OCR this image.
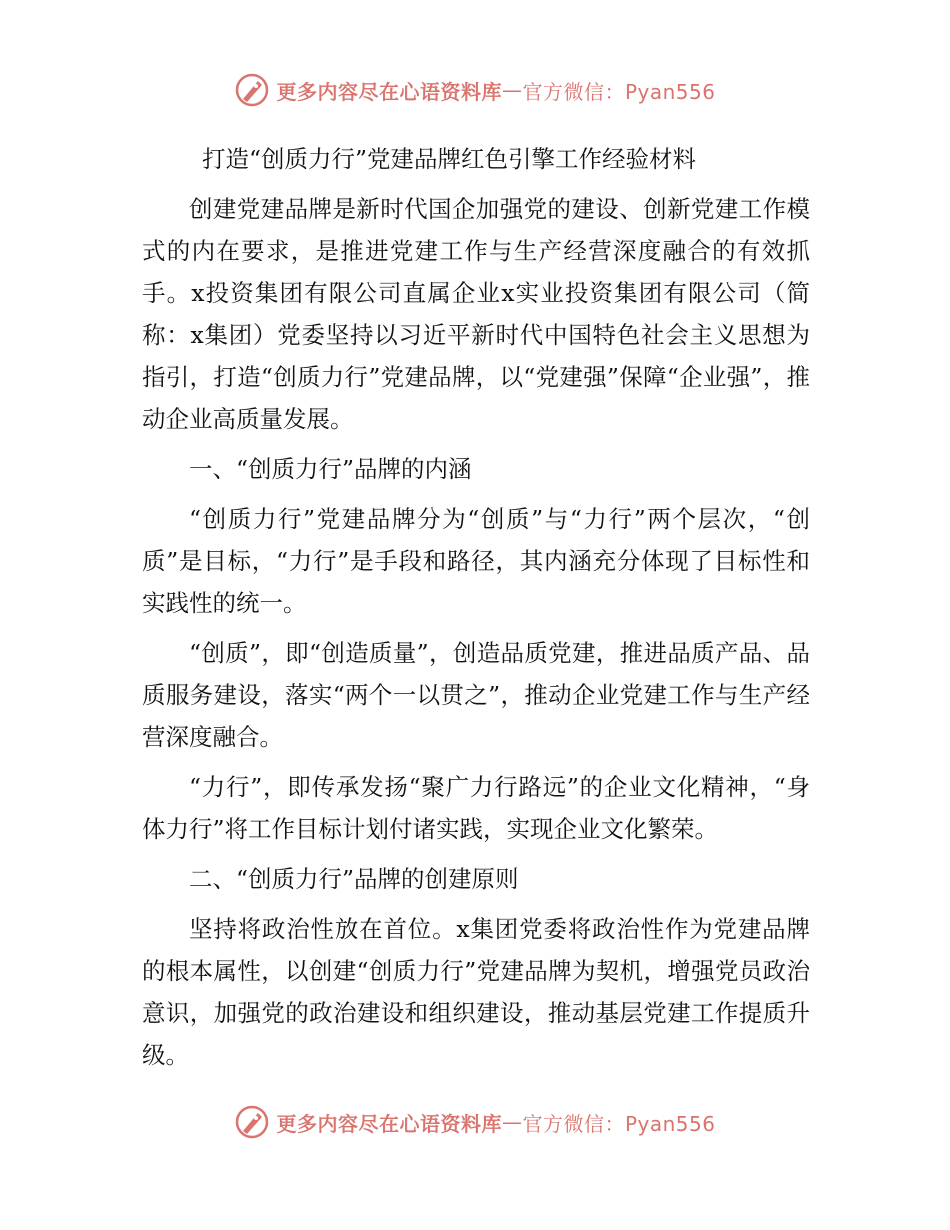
更多内容尽在心语资料库 — 官方微信：Pyan556
打造“创质力行”党建品牌红色引擎工作经验材料

创建党建品牌是新时代国企加强党的建设、创新党建工作模式的内在要求，是推进党建工作与生产经营深度融合的有效抓手。x投资集团有限公司直属企业x实业投资集团有限公司（简称：x集团）党委坚持以习近平新时代中国特色社会主义思想为指引，打造“创质力行”党建品牌，以“党建强”保障“企业强”，推动企业高质量发展。

一、“创质力行”品牌的内涵

“创质力行”党建品牌分为“创质”与“力行”两个层次，“创质”是目标，“力行”是手段和路径，其内涵充分体现了目标性和实践性的统一。

“创质”，即“创造质量”，创造品质党建，推进品质产品、品质服务建设，落实“两个一以贯之”，推动企业党建工作与生产经营深度融合。

“力行”，即传承发扬“聚广力行路远”的企业文化精神，“身体力行”将工作目标计划付诸实践，实现企业文化繁荣。

二、“创质力行”品牌的创建原则

坚持将政治性放在首位。x集团党委将政治性作为党建品牌的根本属性，以创建“创质力行”党建品牌为契机，增强党员政治意识，加强党的政治建设和组织建设，推动基层党建工作提质升级。

更多内容尽在心语资料库 — 官方微信：Pyan556
